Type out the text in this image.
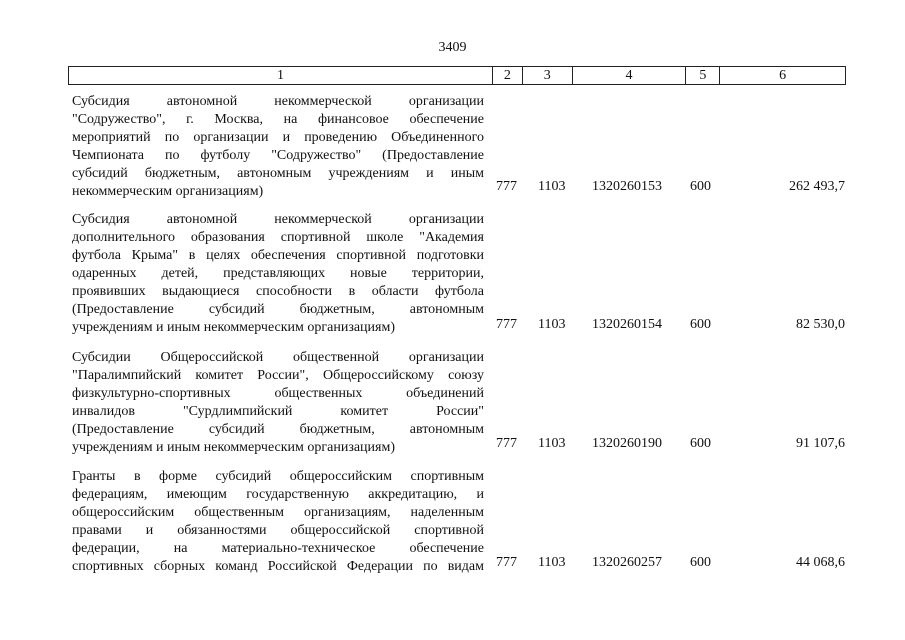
3409
1	2	3	4	5	6
Субсидия автономной некоммерческой организации
"Содружество", г. Москва, на финансовое обеспечение
мероприятий по организации и проведению Объединенного
Чемпионата по футболу "Содружество" (Предоставление
субсидий бюджетным, автономным учреждениям и иным
некоммерческим организациям)	777 1103	1320260153	600	262 493,7
Субсидия автономной некоммерческой организации
дополнительного образования спортивной школе "Академия
футбола Крыма" в целях обеспечения спортивной подготовки
одаренных детей, представляющих новые территории,
проявивших выдающиеся способности в области футбола
(Предоставление субсидий бюджетным, автономным
учреждениям и иным некоммерческим организациям)	777 1103	1320260154	600	82 530,0
Субсидии Общероссийской общественной организации
"Паралимпийский комитет России", Общероссийскому союзу
физкультурно-спортивных общественных объединений
инвалидов "Сурдлимпийский комитет России"
(Предоставление субсидий бюджетным, автономным
учреждениям и иным некоммерческим организациям)	777 1103	1320260190	600	91 107,6
Гранты в форме субсидий общероссийским спортивным
федерациям, имеющим государственную аккредитацию, и
общероссийским общественным организациям, наделенным
правами и обязанностями общероссийской спортивной
федерации, на материально-техническое обеспечение
спортивных сборных команд Российской Федерации по видам 777 1103	1320260257	600	44 068,6
